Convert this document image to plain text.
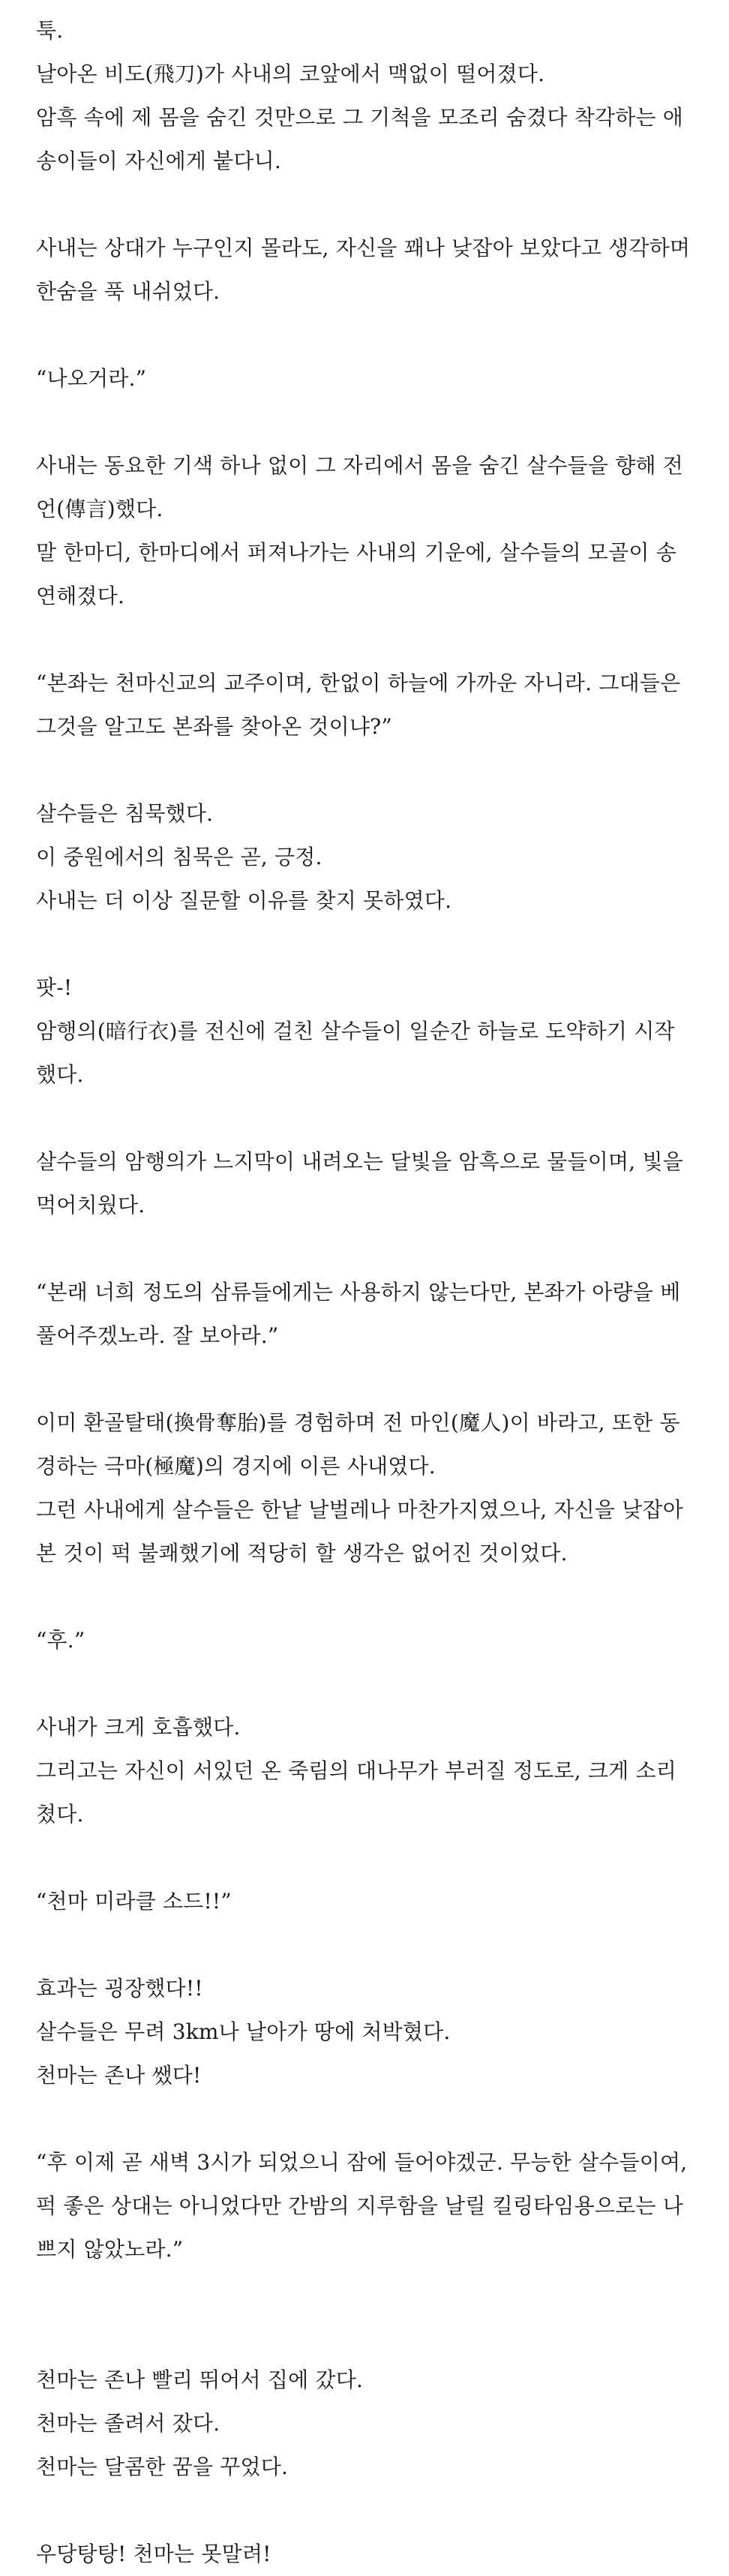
툭.
날아온 비도(飛刀)가 사내의 코앞에서 맥없이 떨어졌다.
암흑 속에 제 몸을 숨긴 것만으로 그 기척을 모조리 숨겼다 착각하는 애
송이들이 자신에게 붙다니.
사내는 상대가 누구인지 몰라도, 자신을 꽤나 낮잡아 보았다고 생각하며
한숨을 푹 내쉬었다.
“나오거라.”
사내는 동요한 기색 하나 없이 그 자리에서 몸을 숨긴 살수들을 향해 전
언(傳言)했다.
말 한마디, 한마디에서 퍼져나가는 사내의 기운에, 살수들의 모골이 송
연해졌다.
“본좌는 천마신교의 교주이며, 한없이 하늘에 가까운 자니라. 그대들은
그것을 알고도 본좌를 찾아온 것이냐?”
살수들은 침묵했다.
이 중원에서의 침묵은 곧, 긍정.
사내는 더 이상 질문할 이유를 찾지 못하였다.
팟-!
암행의(暗行衣)를 전신에 걸친 살수들이 일순간 하늘로 도약하기 시작
했다.
살수들의 암행의가 느지막이 내려오는 달빛을 암흑으로 물들이며, 빛을
먹어치웠다.
“본래 너희 정도의 삼류들에게는 사용하지 않는다만, 본좌가 아량을 베
풀어주겠노라. 잘 보아라.”
이미 환골탈태(換骨奪胎)를 경험하며 전 마인(魔人)이 바라고, 또한 동
경하는 극마(極魔)의 경지에 이른 사내였다.
그런 사내에게 살수들은 한낱 날벌레나 마찬가지였으나, 자신을 낮잡아
본 것이 퍽 불쾌했기에 적당히 할 생각은 없어진 것이었다.
“후.”
사내가 크게 호흡했다.
그리고는 자신이 서있던 온 죽림의 대나무가 부러질 정도로, 크게 소리
쳤다.
“천마 미라클 소드!!”
효과는 굉장했다!!
살수들은 무려 3km나 날아가 땅에 처박혔다.
천마는 존나 쌨다!
“후 이제 곧 새벽 3시가 되었으니 잠에 들어야겠군. 무능한 살수들이여,
퍽 좋은 상대는 아니었다만 간밤의 지루함을 날릴 킬링타임용으로는 나
쁘지 않았노라.”
천마는 존나 빨리 뛰어서 집에 갔다.
천마는 졸려서 잤다.
천마는 달콤한 꿈을 꾸었다.
우당탕탕! 천마는 못말려!
